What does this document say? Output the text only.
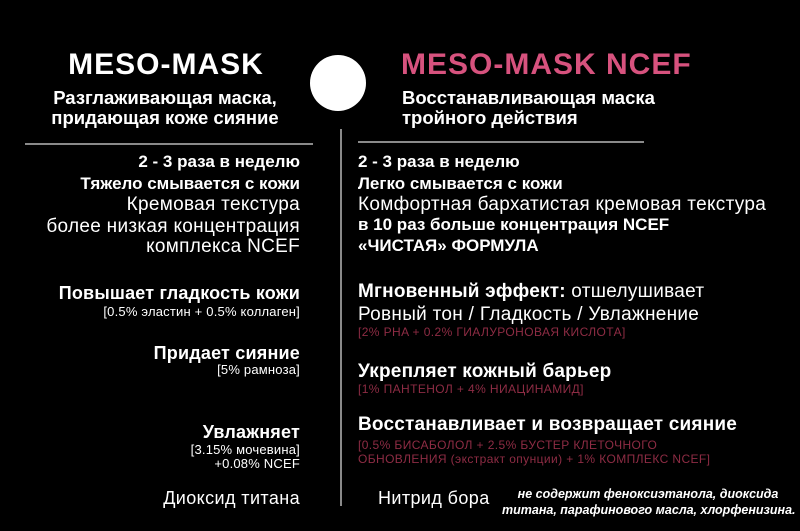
MESO-MASK
Разглаживающая маска,
придающая коже сияние
MESO-MASK NCEF
Восстанавливающая маска
тройного действия
2 - 3 раза в неделю
Тяжело смывается с кожи
Кремовая текстура
более низкая концентрация
комплекса NCEF
Повышает гладкость кожи
[0.5% эластин + 0.5% коллаген]
Придает сияние
[5% рамноза]
Увлажняет
[3.15% мочевина]
+0.08% NCEF
Диоксид титана
2 - 3 раза в неделю
Легко смывается с кожи
Комфортная бархатистая кремовая текстура
в 10 раз больше концентрация NCEF
«ЧИСТАЯ» ФОРМУЛА
Мгновенный эффект: отшелушивает
Ровный тон / Гладкость / Увлажнение
[2% PHA + 0.2% ГИАЛУРОНОВАЯ КИСЛОТА]
Укрепляет кожный барьер
[1% ПАНТЕНОЛ + 4% НИАЦИНАМИД]
Восстанавливает и возвращает сияние
[0.5% БИСАБОЛОЛ + 2.5% БУСТЕР КЛЕТОЧНОГО
ОБНОВЛЕНИЯ (экстракт опунции) + 1% КОМПЛЕКС NCEF]
Нитрид бора	не содержит феноксиэтанола, диоксида
титана, парафинового масла, хлорфенизина.
